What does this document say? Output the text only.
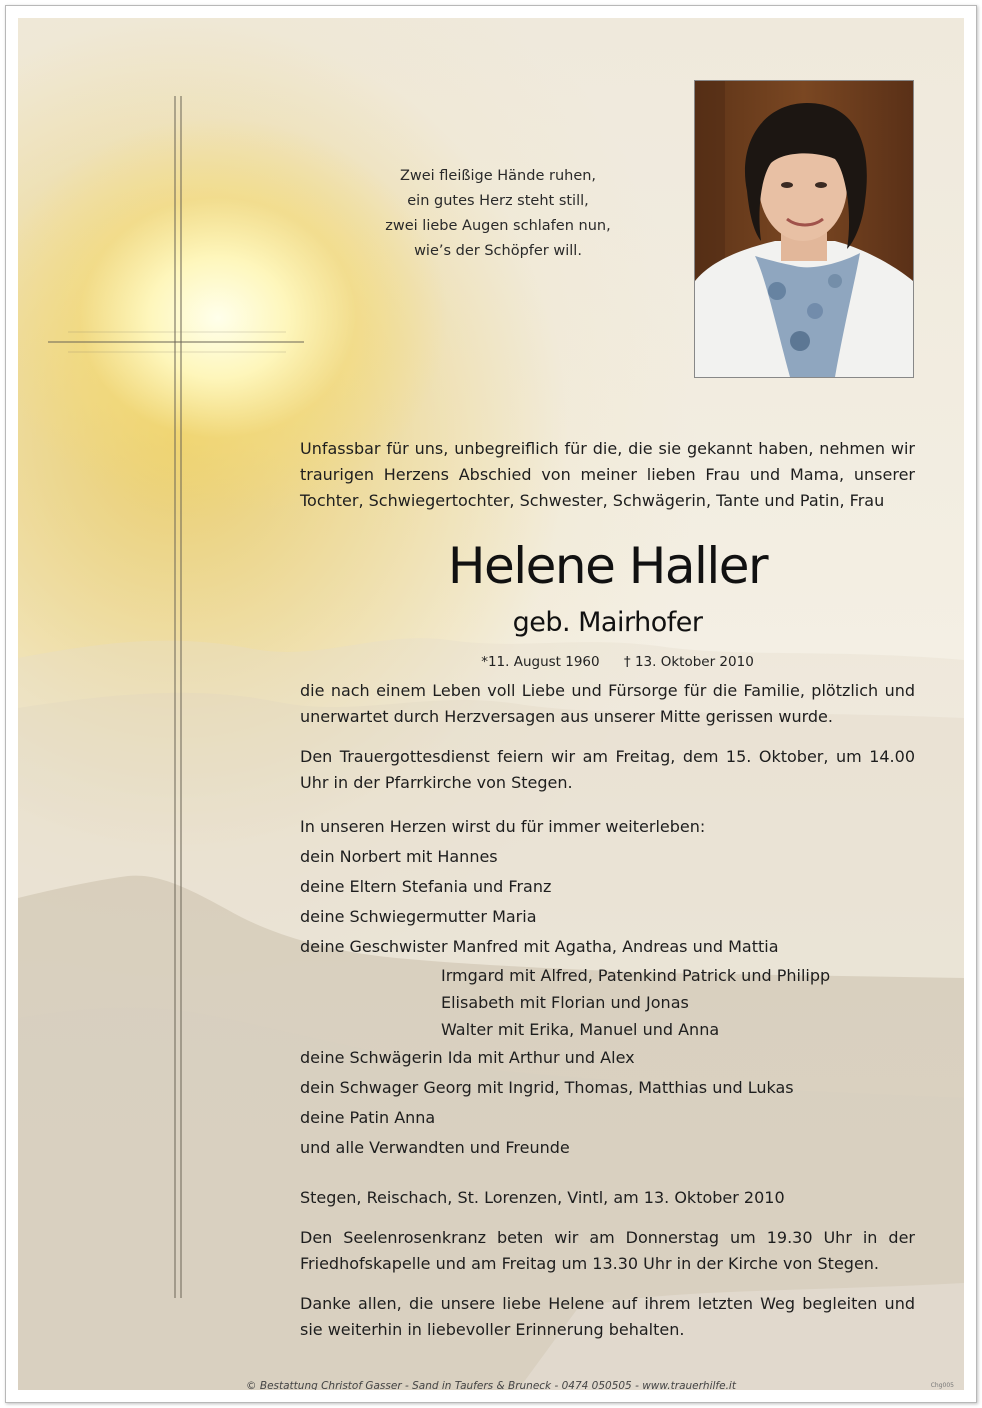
Zwei fleißige Hände ruhen,
ein gutes Herz steht still,
zwei liebe Augen schlafen nun,
wie’s der Schöpfer will.

Unfassbar für uns, unbegreiflich für die, die sie gekannt haben, nehmen wir traurigen Herzens Abschied von meiner lieben Frau und Mama, unserer Tochter, Schwiegertochter, Schwester, Schwägerin, Tante und Patin, Frau

Helene Haller
geb. Mairhofer
*11. August 1960 † 13. Oktober 2010

die nach einem Leben voll Liebe und Fürsorge für die Familie, plötzlich und unerwartet durch Herzversagen aus unserer Mitte gerissen wurde.

Den Trauergottesdienst feiern wir am Freitag, dem 15. Oktober, um 14.00 Uhr in der Pfarrkirche von Stegen.

In unseren Herzen wirst du für immer weiterleben:
dein Norbert mit Hannes
deine Eltern Stefania und Franz
deine Schwiegermutter Maria
deine Geschwister Manfred mit Agatha, Andreas und Mattia
Irmgard mit Alfred, Patenkind Patrick und Philipp
Elisabeth mit Florian und Jonas
Walter mit Erika, Manuel und Anna
deine Schwägerin Ida mit Arthur und Alex
dein Schwager Georg mit Ingrid, Thomas, Matthias und Lukas
deine Patin Anna
und alle Verwandten und Freunde

Stegen, Reischach, St. Lorenzen, Vintl, am 13. Oktober 2010

Den Seelenrosenkranz beten wir am Donnerstag um 19.30 Uhr in der Friedhofskapelle und am Freitag um 13.30 Uhr in der Kirche von Stegen.

Danke allen, die unsere liebe Helene auf ihrem letzten Weg begleiten und sie weiterhin in liebevoller Erinnerung behalten.

© Bestattung Christof Gasser - Sand in Taufers & Bruneck - 0474 050505 - www.trauerhilfe.it	Chg005
